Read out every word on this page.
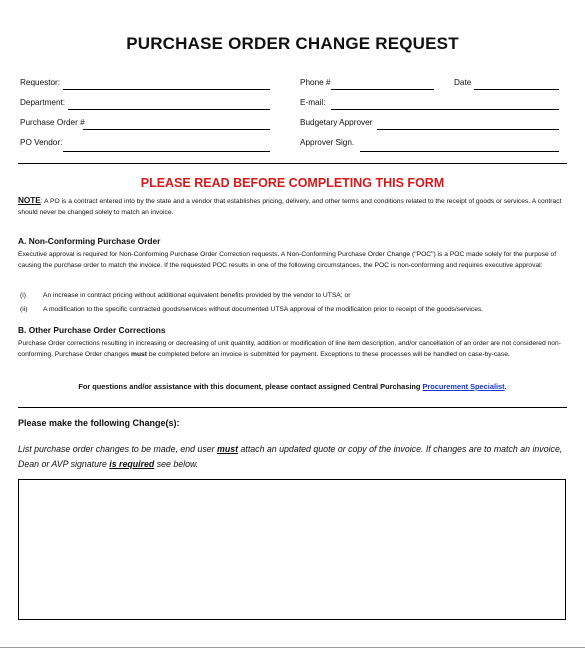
PURCHASE ORDER CHANGE REQUEST
Requestor:
Department:
Purchase Order #
PO Vendor:
Phone #	Date
E-mail:
Budgetary Approver
Approver Sign.
PLEASE READ BEFORE COMPLETING THIS FORM

NOTE: A PO is a contract entered into by the state and a vendor that establishes pricing, delivery, and other terms and conditions related to the receipt of goods or services. A contract should never be changed solely to match an invoice.

A. Non-Conforming Purchase Order

Executive approval is required for Non-Conforming Purchase Order Correction requests. A Non-Conforming Purchase Order Change ("POC") is a POC made solely for the purpose of causing the purchase order to match the invoice. If the requested POC results in one of the following circumstances, the POC is non-conforming and requires executive approval:

(i)	An increase in contract pricing without additional equivalent benefits provided by the vendor to UTSA; or
(ii) A modification to the specific contracted goods/services without documented UTSA approval of the modification prior to receipt of the goods/services.
B. Other Purchase Order Corrections

Purchase Order corrections resulting in increasing or decreasing of unit quantity, addition or modification of line item description, and/or cancellation of an order are not considered non-conforming. Purchase Order changes must be completed before an invoice is submitted for payment. Exceptions to these processes will be handled on case-by-case.

For questions and/or assistance with this document, please contact assigned Central Purchasing Procurement Specialist.
Please make the following Change(s):

List purchase order changes to be made, end user must attach an updated quote or copy of the invoice. If changes are to match an invoice, Dean or AVP signature is required see below.
